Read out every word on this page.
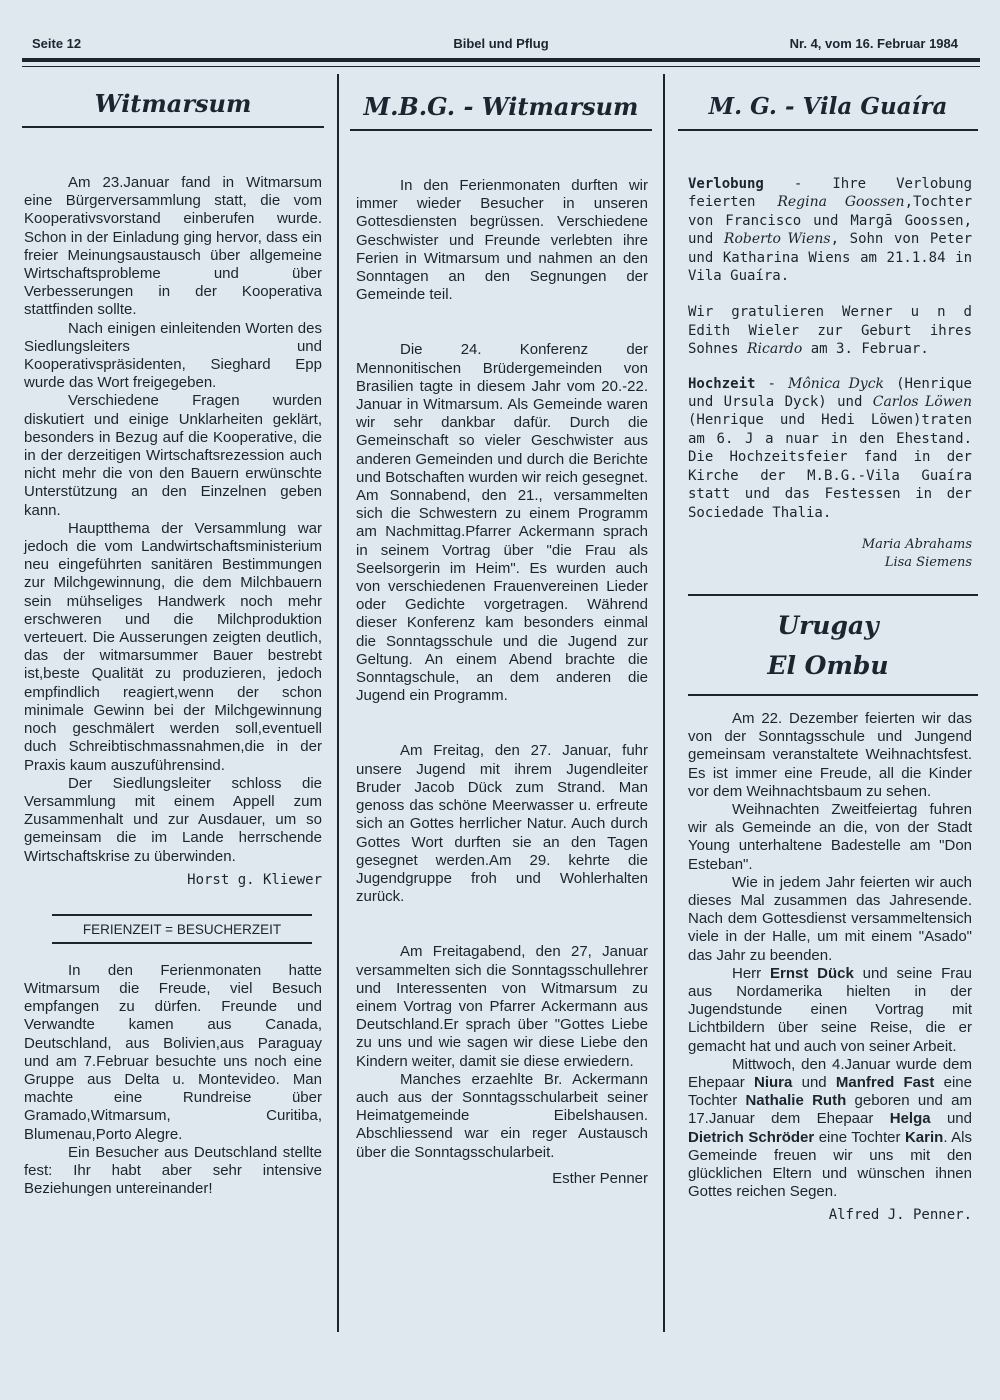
Seite 12	Bibel und Pflug	Nr. 4, vom 16. Februar 1984
Witmarsum

Am 23.Januar fand in Witmarsum eine Bürgerversammlung statt, die vom Kooperativsvorstand einberufen wurde. Schon in der Einladung ging hervor, dass ein freier Meinungsaustausch über allgemeine Wirtschaftsprobleme und über Verbesserungen in der Kooperativa stattfinden sollte.

Nach einigen einleitenden Worten des Siedlungsleiters und Kooperativspräsidenten, Sieghard Epp wurde das Wort freigegeben.

Verschiedene Fragen wurden diskutiert und einige Unklarheiten geklärt, besonders in Bezug auf die Kooperative, die in der derzeitigen Wirtschaftsrezession auch nicht mehr die von den Bauern erwünschte Unterstützung an den Einzelnen geben kann.

Hauptthema der Versammlung war jedoch die vom Landwirtschaftsministerium neu eingeführten sanitären Bestimmungen zur Milchgewinnung, die dem Milchbauern sein mühseliges Handwerk noch mehr erschweren und die Milchproduktion verteuert. Die Ausserungen zeigten deutlich, das der witmarsummer Bauer bestrebt ist,beste Qualität zu produzieren, jedoch empfindlich reagiert,wenn der schon minimale Gewinn bei der Milchgewinnung noch geschmälert werden soll,eventuell duch Schreibtischmassnahmen,die in der Praxis kaum auszuführensind.

Der Siedlungsleiter schloss die Versammlung mit einem Appell zum Zusammenhalt und zur Ausdauer, um so gemeinsam die im Lande herrschende Wirtschaftskrise zu überwinden.

Horst g. Kliewer
FERIENZEIT = BESUCHERZEIT

In den Ferienmonaten hatte Witmarsum die Freude, viel Besuch empfangen zu dürfen. Freunde und Verwandte kamen aus Canada, Deutschland, aus Bolivien,aus Paraguay und am 7.Februar besuchte uns noch eine Gruppe aus Delta u. Montevideo. Man machte eine Rundreise über Gramado,Witmarsum, Curitiba, Blumenau,Porto Alegre.

Ein Besucher aus Deutschland stellte fest: Ihr habt aber sehr intensive Beziehungen untereinander!

M.B.G. - Witmarsum

In den Ferienmonaten durften wir immer wieder Besucher in unseren Gottesdiensten begrüssen. Verschiedene Geschwister und Freunde verlebten ihre Ferien in Witmarsum und nahmen an den Sonntagen an den Segnungen der Gemeinde teil.

Die 24. Konferenz der Mennonitischen Brüdergemeinden von Brasilien tagte in diesem Jahr vom 20.-22. Januar in Witmarsum. Als Gemeinde waren wir sehr dankbar dafür. Durch die Gemeinschaft so vieler Geschwister aus anderen Gemeinden und durch die Berichte und Botschaften wurden wir reich gesegnet. Am Sonnabend, den 21., versammelten sich die Schwestern zu einem Programm am Nachmittag.Pfarrer Ackermann sprach in seinem Vortrag über "die Frau als Seelsorgerin im Heim". Es wurden auch von verschiedenen Frauenvereinen Lieder oder Gedichte vorgetragen. Während dieser Konferenz kam besonders einmal die Sonntagsschule und die Jugend zur Geltung. An einem Abend brachte die Sonntagschule, an dem anderen die Jugend ein Programm.

Am Freitag, den 27. Januar, fuhr unsere Jugend mit ihrem Jugendleiter Bruder Jacob Dück zum Strand. Man genoss das schöne Meerwasser u. erfreute sich an Gottes herrlicher Natur. Auch durch Gottes Wort durften sie an den Tagen gesegnet werden.Am 29. kehrte die Jugendgruppe froh und Wohlerhalten zurück.

Am Freitagabend, den 27, Januar versammelten sich die Sonntagsschullehrer und Interessenten von Witmarsum zu einem Vortrag von Pfarrer Ackermann aus Deutschland.Er sprach über "Gottes Liebe zu uns und wie sagen wir diese Liebe den Kindern weiter, damit sie diese erwiedern.

Manches erzaehlte Br. Ackermann auch aus der Sonntagsschularbeit seiner Heimatgemeinde Eibelshausen. Abschliessend war ein reger Austausch über die Sonntagsschularbeit.

Esther Penner
M. G. - Vila Guaíra

Verlobung - Ihre Verlobung feierten Regina Goossen,Tochter von Francisco und Margā Goossen, und Roberto Wiens, Sohn von Peter und Katharina Wiens am 21.1.84 in Vila Guaíra.

Wir gratulieren Werner u n d Edith Wieler zur Geburt ihres Sohnes Ricardo am 3. Februar.

Hochzeit - Mônica Dyck (Henrique und Ursula Dyck) und Carlos Löwen (Henrique und Hedi Löwen)traten am 6. J a nuar in den Ehestand. Die Hochzeitsfeier fand in der Kirche der M.B.G.-Vila Guaíra statt und das Festessen in der Sociedade Thalia.

Maria Abrahams
Lisa Siemens
Urugay
El Ombu

Am 22. Dezember feierten wir das von der Sonntagsschule und Jungend gemeinsam veranstaltete Weihnachtsfest. Es ist immer eine Freude, all die Kinder vor dem Weihnachtsbaum zu sehen.

Weihnachten Zweitfeiertag fuhren wir als Gemeinde an die, von der Stadt Young unterhaltene Badestelle am "Don Esteban".

Wie in jedem Jahr feierten wir auch dieses Mal zusammen das Jahresende. Nach dem Gottesdienst versammeltensich viele in der Halle, um mit einem "Asado" das Jahr zu beenden.

Herr Ernst Dück und seine Frau aus Nordamerika hielten in der Jugendstunde einen Vortrag mit Lichtbildern über seine Reise, die er gemacht hat und auch von seiner Arbeit.

Mittwoch, den 4.Januar wurde dem Ehepaar Niura und Manfred Fast eine Tochter Nathalie Ruth geboren und am 17.Januar dem Ehepaar Helga und Dietrich Schröder eine Tochter Karin. Als Gemeinde freuen wir uns mit den glücklichen Eltern und wünschen ihnen Gottes reichen Segen.

Alfred J. Penner.
